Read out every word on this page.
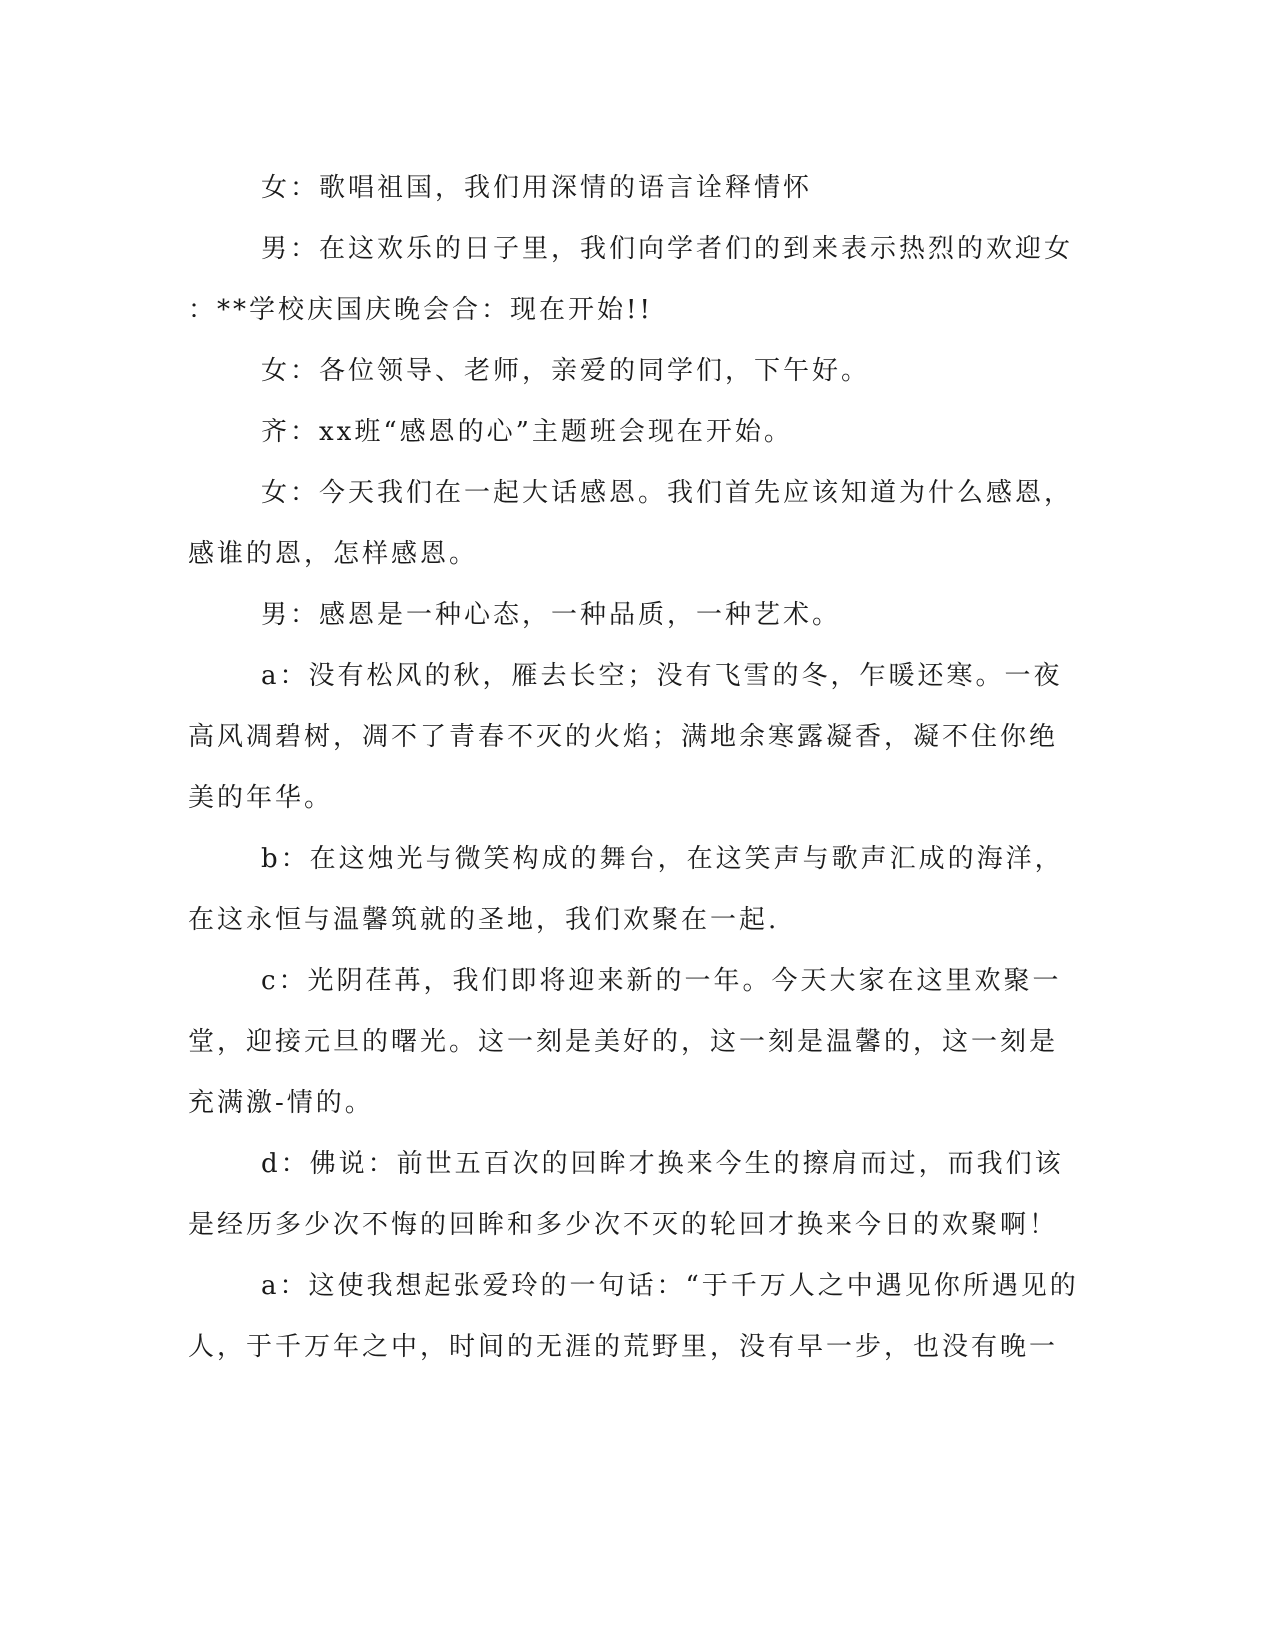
女：歌唱祖国，我们用深情的语言诠释情怀

男：在这欢乐的日子里，我们向学者们的到来表示热烈的欢迎女
：**学校庆国庆晚会合：现在开始!!

女：各位领导、老师，亲爱的同学们，下午好。

齐：xx班“感恩的心”主题班会现在开始。

女：今天我们在一起大话感恩。我们首先应该知道为什么感恩，
感谁的恩，怎样感恩。

男：感恩是一种心态，一种品质，一种艺术。

a：没有松风的秋，雁去长空；没有飞雪的冬，乍暖还寒。一夜
高风凋碧树，凋不了青春不灭的火焰；满地余寒露凝香，凝不住你绝
美的年华。

b：在这烛光与微笑构成的舞台，在这笑声与歌声汇成的海洋，
在这永恒与温馨筑就的圣地，我们欢聚在一起.

c：光阴荏苒，我们即将迎来新的一年。今天大家在这里欢聚一
堂，迎接元旦的曙光。这一刻是美好的，这一刻是温馨的，这一刻是
充满激-情的。

d：佛说：前世五百次的回眸才换来今生的擦肩而过，而我们该
是经历多少次不悔的回眸和多少次不灭的轮回才换来今日的欢聚啊！

a：这使我想起张爱玲的一句话：“于千万人之中遇见你所遇见的
人，于千万年之中，时间的无涯的荒野里，没有早一步，也没有晚一
